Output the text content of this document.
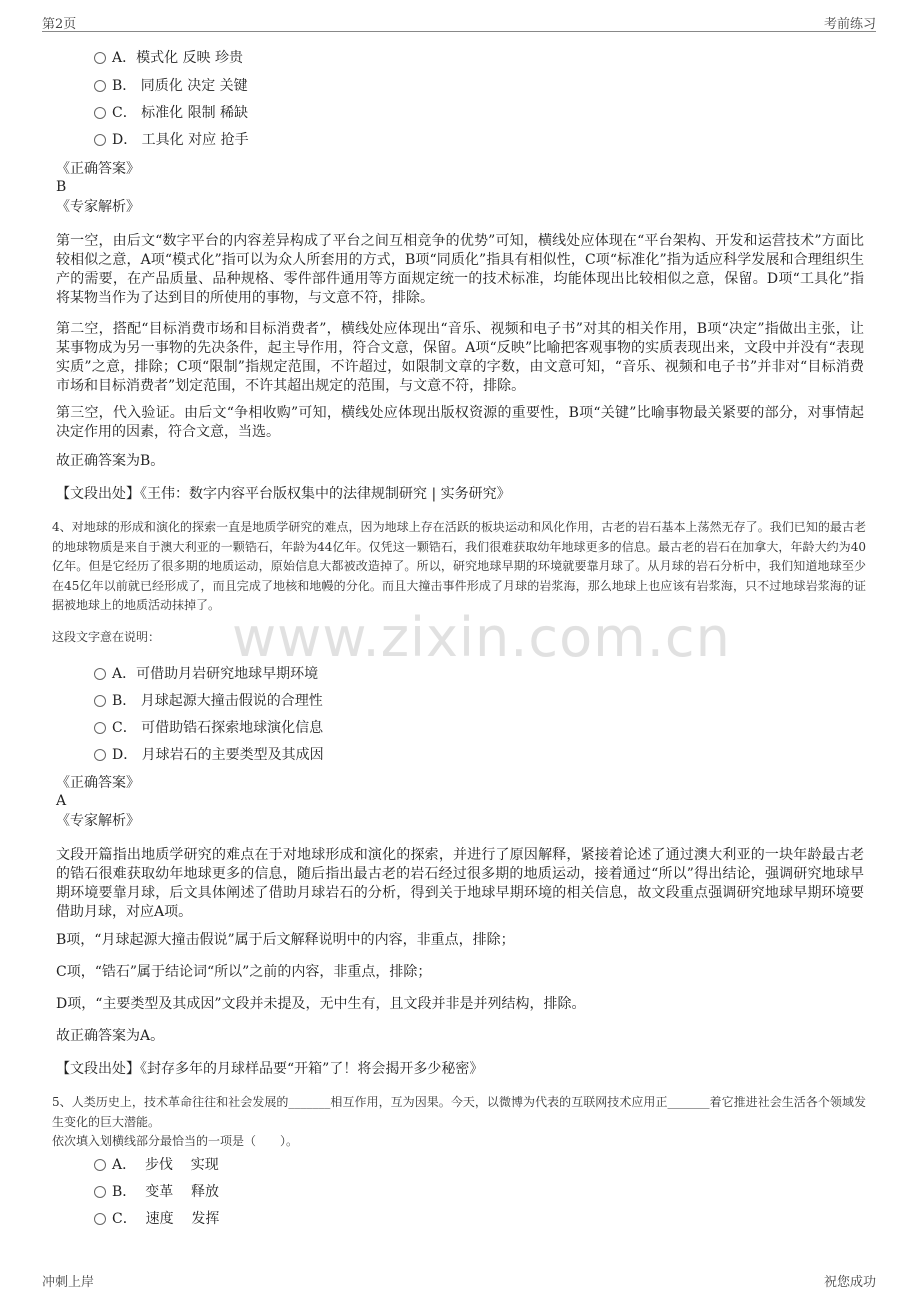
第2页	考前练习
www.zixin.com.cn
A．模式化 反映 珍贵
B． 同质化 决定 关键
C． 标准化 限制 稀缺
D． 工具化 对应 抢手
《正确答案》
B
《专家解析》

第一空，由后文“数字平台的内容差异构成了平台之间互相竞争的优势”可知，横线处应体现在“平台架构、开发和运营技术”方面比较相似之意，A项“模式化”指可以为众人所套用的方式，B项“同质化”指具有相似性，C项“标准化”指为适应科学发展和合理组织生产的需要，在产品质量、品种规格、零件部件通用等方面规定统一的技术标准，均能体现出比较相似之意，保留。D项“工具化”指将某物当作为了达到目的所使用的事物，与文意不符，排除。

第二空，搭配“目标消费市场和目标消费者”，横线处应体现出“音乐、视频和电子书”对其的相关作用，B项“决定”指做出主张，让某事物成为另一事物的先决条件，起主导作用，符合文意，保留。A项“反映”比喻把客观事物的实质表现出来，文段中并没有“表现实质”之意，排除；C项“限制”指规定范围，不许超过，如限制文章的字数，由文意可知，“音乐、视频和电子书”并非对“目标消费市场和目标消费者”划定范围，不许其超出规定的范围，与文意不符，排除。

第三空，代入验证。由后文“争相收购”可知，横线处应体现出版权资源的重要性，B项“关键”比喻事物最关紧要的部分，对事情起决定作用的因素，符合文意，当选。

故正确答案为B。
【文段出处】《王伟：数字内容平台版权集中的法律规制研究 | 实务研究》

4、对地球的形成和演化的探索一直是地质学研究的难点，因为地球上存在活跃的板块运动和风化作用，古老的岩石基本上荡然无存了。我们已知的最古老的地球物质是来自于澳大利亚的一颗锆石，年龄为44亿年。仅凭这一颗锆石，我们很难获取幼年地球更多的信息。最古老的岩石在加拿大，年龄大约为40亿年。但是它经历了很多期的地质运动，原始信息大都被改造掉了。所以，研究地球早期的环境就要靠月球了。从月球的岩石分析中，我们知道地球至少在45亿年以前就已经形成了，而且完成了地核和地幔的分化。而且大撞击事件形成了月球的岩浆海，那么地球上也应该有岩浆海，只不过地球岩浆海的证据被地球上的地质活动抹掉了。

这段文字意在说明：
A．可借助月岩研究地球早期环境
B． 月球起源大撞击假说的合理性
C． 可借助锆石探索地球演化信息
D． 月球岩石的主要类型及其成因
《正确答案》
A
《专家解析》

文段开篇指出地质学研究的难点在于对地球形成和演化的探索，并进行了原因解释，紧接着论述了通过澳大利亚的一块年龄最古老的锆石很难获取幼年地球更多的信息，随后指出最古老的岩石经过很多期的地质运动，接着通过“所以”得出结论，强调研究地球早期环境要靠月球，后文具体阐述了借助月球岩石的分析，得到关于地球早期环境的相关信息，故文段重点强调研究地球早期环境要借助月球，对应A项。

B项，“月球起源大撞击假说”属于后文解释说明中的内容，非重点，排除；
C项，“锆石”属于结论词“所以”之前的内容，非重点，排除；
D项，“主要类型及其成因”文段并未提及，无中生有，且文段并非是并列结构，排除。
故正确答案为A。
【文段出处】《封存多年的月球样品要“开箱”了！将会揭开多少秘密》

5、人类历史上，技术革命往往和社会发展的_______相互作用，互为因果。今天，以微博为代表的互联网技术应用正_______着它推进社会生活各个领域发生变化的巨大潜能。

依次填入划横线部分最恰当的一项是（　　）。
A．  步伐    实现
B．  变革    释放
C．  速度    发挥
冲刺上岸	祝您成功
